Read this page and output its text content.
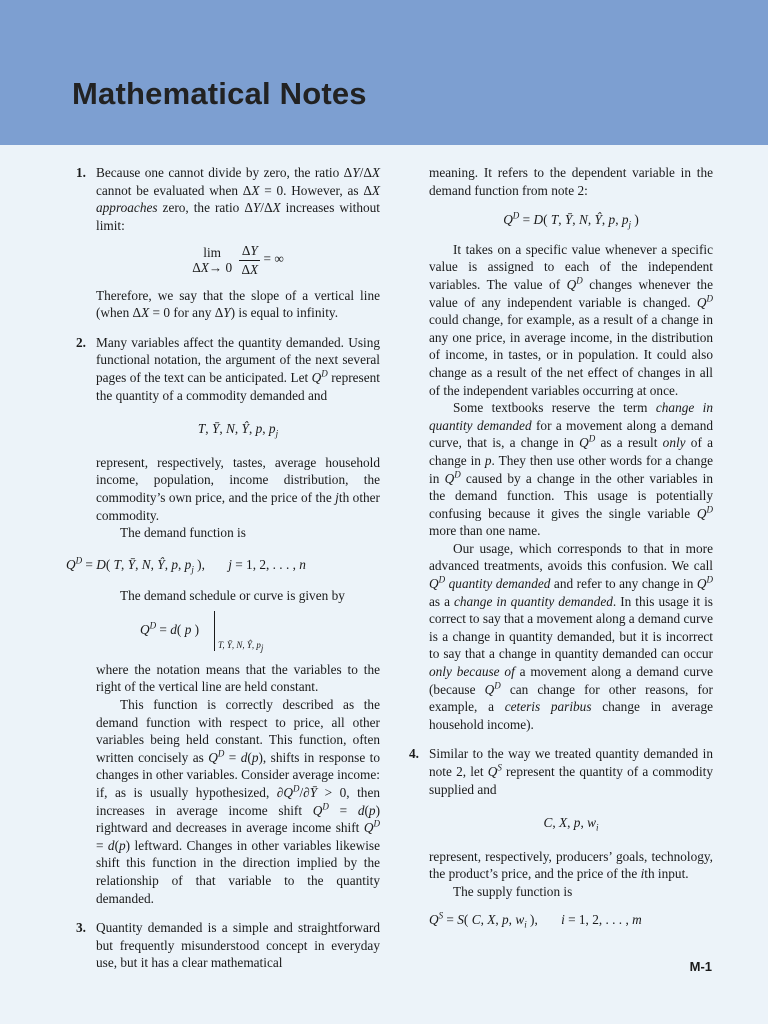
Mathematical Notes
1. Because one cannot divide by zero, the ratio ΔY/ΔX cannot be evaluated when ΔX = 0. However, as ΔX approaches zero, the ratio ΔY/ΔX increases without limit:

lim
$\Delta X\to 0 \frac{\Delta Y}{\Delta X}$ = ∞

Therefore, we say that the slope of a vertical line (when ΔX = 0 for any ΔY) is equal to infinity.

2. Many variables affect the quantity demanded. Using functional notation, the argument of the next several pages of the text can be anticipated. Let $Q^D$ represent the quantity of a commodity demanded and

T, Ȳ, N, Ŷ, p, $p_j$

represent, respectively, tastes, average household income, population, income distribution, the commodity’s own price, and the price of the jth other commodity.

The demand function is

$Q^D = D$( T, Ȳ, N, Ŷ, p, $p_j$ ),       j = 1, 2, . . . , n

The demand schedule or curve is given by

$Q^D = d$( p )
T, Ȳ, N, Ŷ, $p_j$

where the notation means that the variables to the right of the vertical line are held constant.

This function is correctly described as the demand function with respect to price, all other variables being held constant. This function, often written concisely as $Q^D = d(p)$, shifts in response to changes in other variables. Consider average income: if, as is usually hypothesized, $\partial Q^D/\partial Ȳ > 0$, then increases in average income shift $Q^D = d(p)$ rightward and decreases in average income shift $Q^D = d(p)$ leftward. Changes in other variables likewise shift this function in the direction implied by the relationship of that variable to the quantity demanded.

3. Quantity demanded is a simple and straightforward but frequently misunderstood concept in everyday use, but it has a clear mathematical

meaning. It refers to the dependent variable in the demand function from note 2:

$Q^D = D$( T, Ȳ, N, Ŷ, p, $p_j$ )

It takes on a specific value whenever a specific value is assigned to each of the independent variables. The value of $Q^D$ changes whenever the value of any independent variable is changed. $Q^D$ could change, for example, as a result of a change in any one price, in average income, in the distribution of income, in tastes, or in population. It could also change as a result of the net effect of changes in all of the independent variables occurring at once.

Some textbooks reserve the term change in quantity demanded for a movement along a demand curve, that is, a change in $Q^D$ as a result only of a change in p. They then use other words for a change in $Q^D$ caused by a change in the other variables in the demand function. This usage is potentially confusing because it gives the single variable $Q^D$ more than one name.

Our usage, which corresponds to that in more advanced treatments, avoids this confusion. We call $Q^D$ quantity demanded and refer to any change in $Q^D$ as a change in quantity demanded. In this usage it is correct to say that a movement along a demand curve is a change in quantity demanded, but it is incorrect to say that a change in quantity demanded can occur only because of a movement along a demand curve (because $Q^D$ can change for other reasons, for example, a ceteris paribus change in average household income).

4. Similar to the way we treated quantity demanded in note 2, let $Q^S$ represent the quantity of a commodity supplied and

C, X, p, $w_i$

represent, respectively, producers’ goals, technology, the product’s price, and the price of the ith input.

The supply function is

$Q^S = S$( C, X, p, $w_i$ ),       i = 1, 2, . . . , m
M-1
